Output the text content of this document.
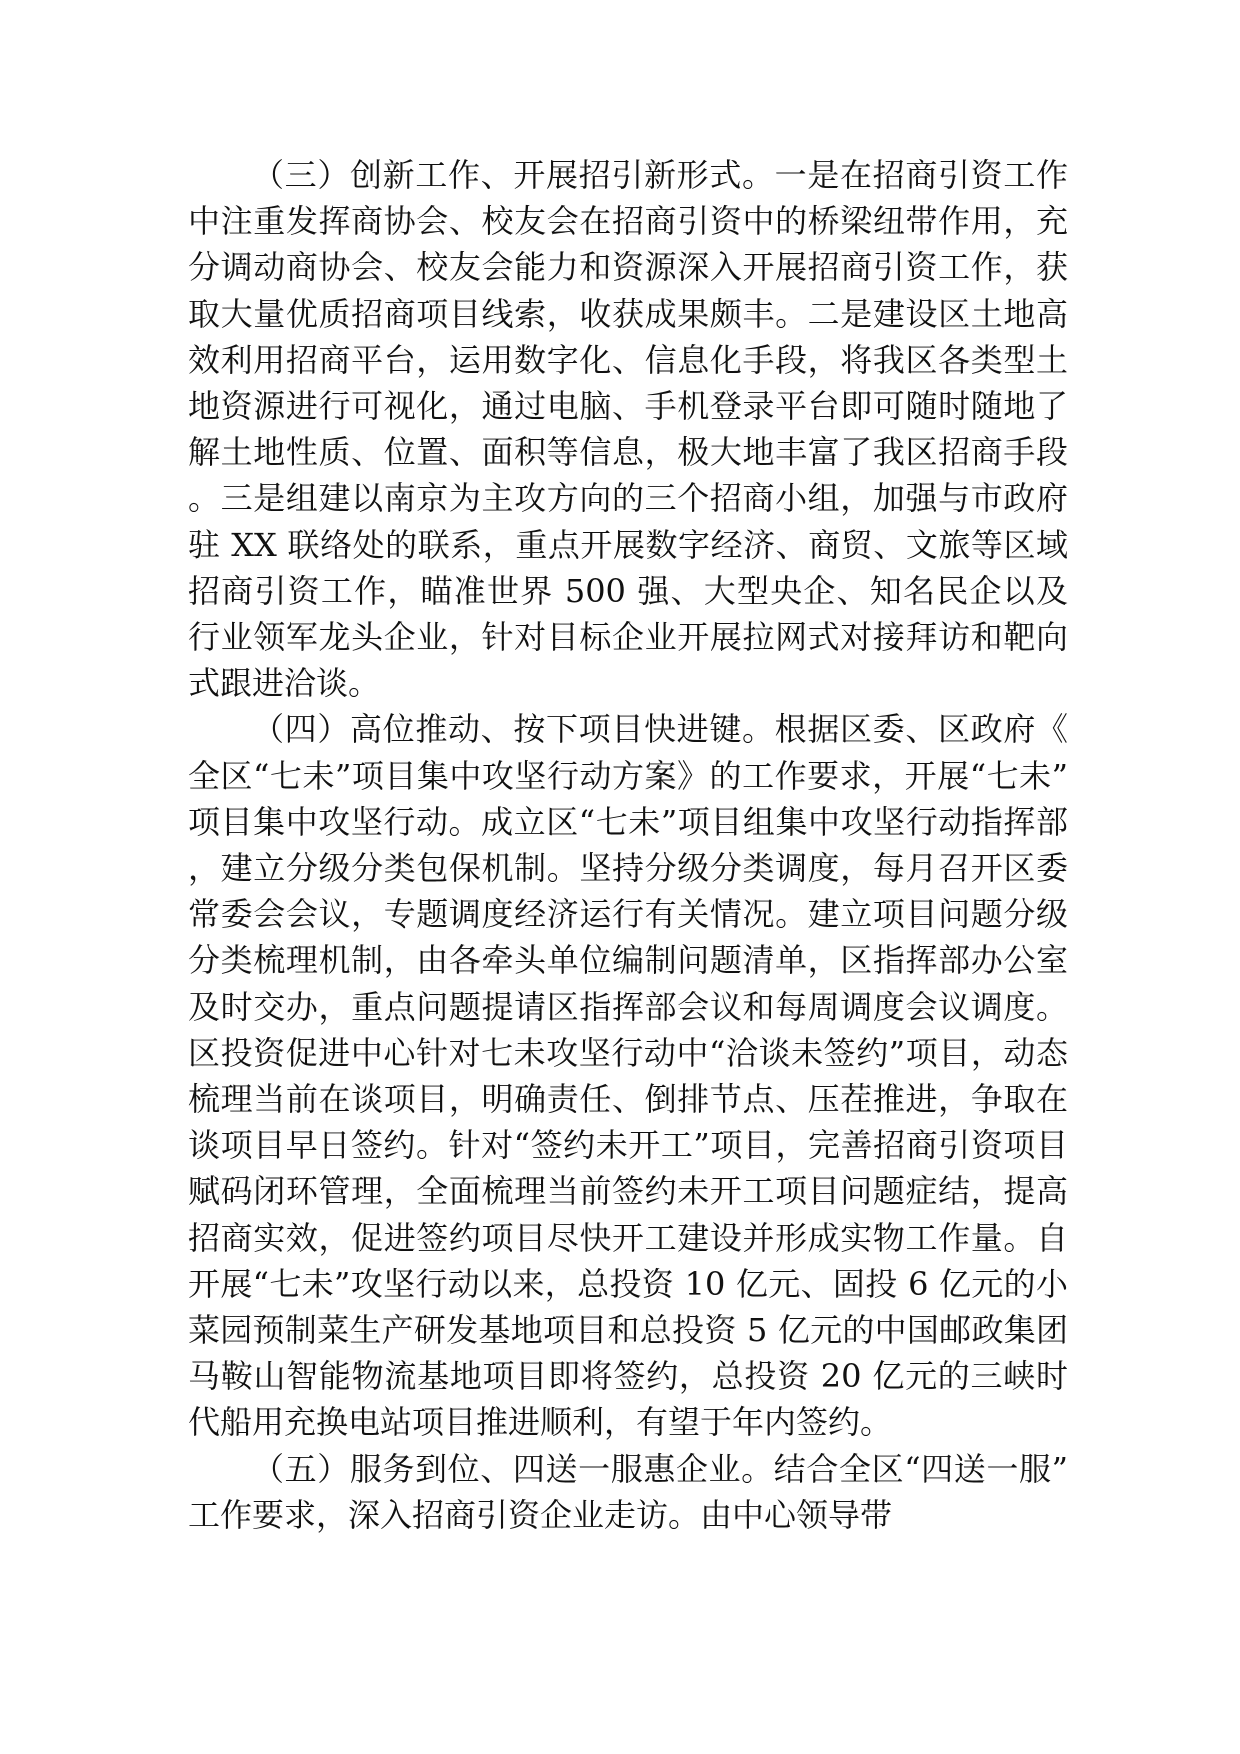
（三）创新工作、开展招引新形式。一是在招商引资工作中注重发挥商协会、校友会在招商引资中的桥梁纽带作用，充分调动商协会、校友会能力和资源深入开展招商引资工作，获取大量优质招商项目线索，收获成果颇丰。二是建设区土地高效利用招商平台，运用数字化、信息化手段，将我区各类型土地资源进行可视化，通过电脑、手机登录平台即可随时随地了解土地性质、位置、面积等信息，极大地丰富了我区招商手段。三是组建以南京为主攻方向的三个招商小组，加强与市政府驻 XX 联络处的联系，重点开展数字经济、商贸、文旅等区域招商引资工作，瞄准世界 500 强、大型央企、知名民企以及行业领军龙头企业，针对目标企业开展拉网式对接拜访和靶向式跟进洽谈。

（四）高位推动、按下项目快进键。根据区委、区政府《全区“七未”项目集中攻坚行动方案》的工作要求，开展“七未”项目集中攻坚行动。成立区“七未”项目组集中攻坚行动指挥部，建立分级分类包保机制。坚持分级分类调度，每月召开区委常委会会议，专题调度经济运行有关情况。建立项目问题分级分类梳理机制，由各牵头单位编制问题清单，区指挥部办公室及时交办，重点问题提请区指挥部会议和每周调度会议调度。区投资促进中心针对七未攻坚行动中“洽谈未签约”项目，动态梳理当前在谈项目，明确责任、倒排节点、压茬推进，争取在谈项目早日签约。针对“签约未开工”项目，完善招商引资项目赋码闭环管理，全面梳理当前签约未开工项目问题症结，提高招商实效，促进签约项目尽快开工建设并形成实物工作量。自开展“七未”攻坚行动以来，总投资 10 亿元、固投 6 亿元的小菜园预制菜生产研发基地项目和总投资 5 亿元的中国邮政集团马鞍山智能物流基地项目即将签约，总投资 20 亿元的三峡时代船用充换电站项目推进顺利，有望于年内签约。

（五）服务到位、四送一服惠企业。结合全区“四送一服”工作要求，深入招商引资企业走访。由中心领导带
